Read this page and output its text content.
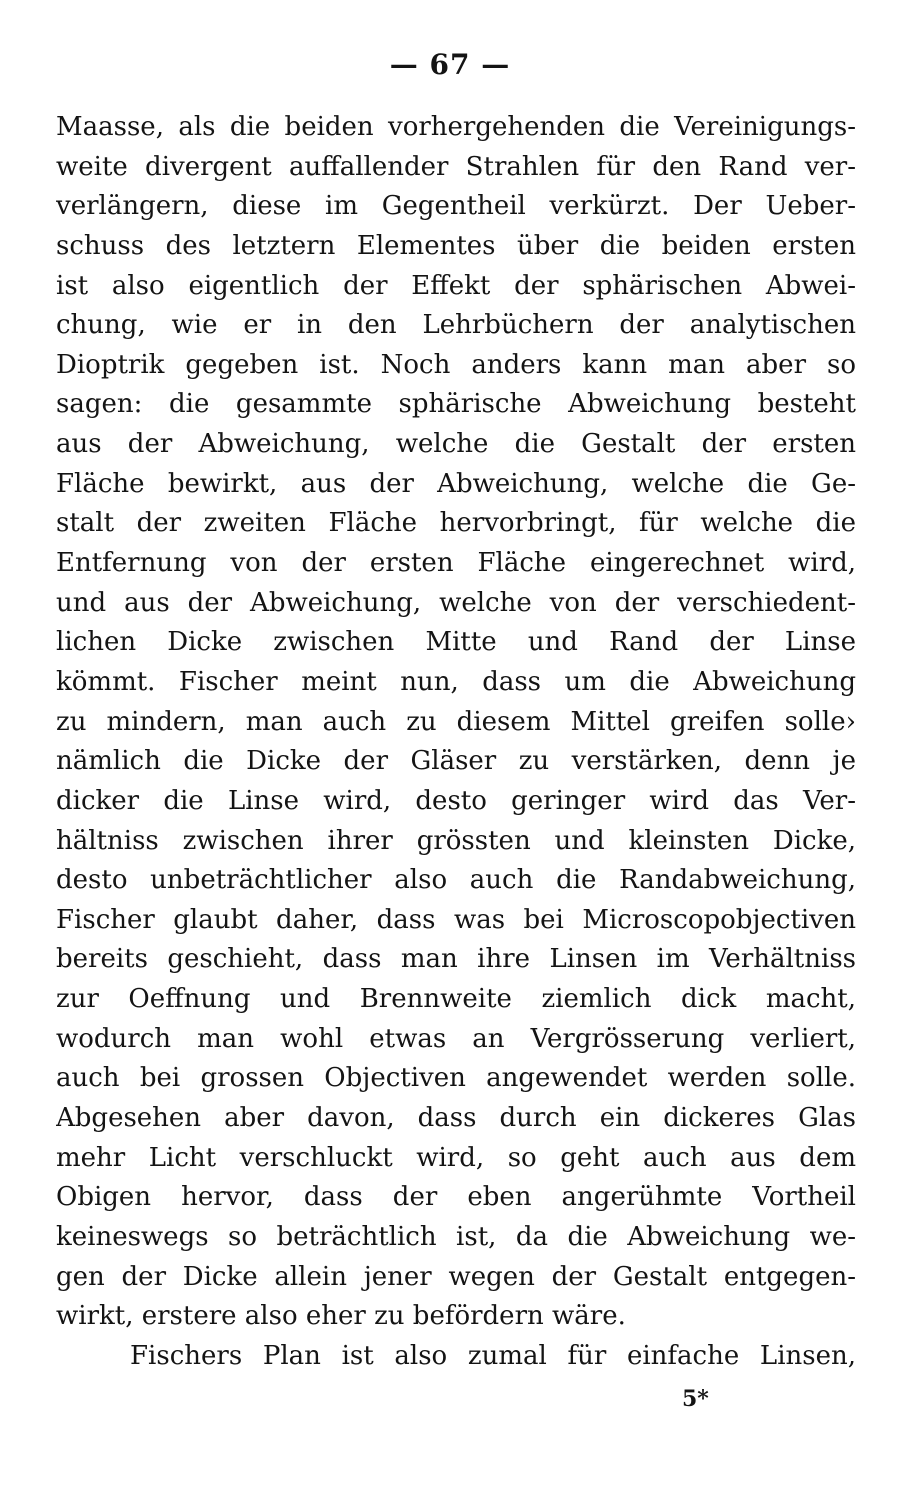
— 67 —
Maasse, als die beiden vorhergehenden die Vereinigungs-
weite divergent auffallender Strahlen für den Rand ver-
verlängern, diese im Gegentheil verkürzt. Der Ueber-
schuss des letztern Elementes über die beiden ersten
ist also eigentlich der Effekt der sphärischen Abwei-
chung, wie er in den Lehrbüchern der analytischen
Dioptrik gegeben ist. Noch anders kann man aber so
sagen: die gesammte sphärische Abweichung besteht
aus der Abweichung, welche die Gestalt der ersten
Fläche bewirkt, aus der Abweichung, welche die Ge-
stalt der zweiten Fläche hervorbringt, für welche die
Entfernung von der ersten Fläche eingerechnet wird,
und aus der Abweichung, welche von der verschiedent-
lichen Dicke zwischen Mitte und Rand der Linse
kömmt. Fischer meint nun, dass um die Abweichung
zu mindern, man auch zu diesem Mittel greifen solle›
nämlich die Dicke der Gläser zu verstärken, denn je
dicker die Linse wird, desto geringer wird das Ver-
hältniss zwischen ihrer grössten und kleinsten Dicke,
desto unbeträchtlicher also auch die Randabweichung,
Fischer glaubt daher, dass was bei Microscopobjectiven
bereits geschieht, dass man ihre Linsen im Verhältniss
zur Oeffnung und Brennweite ziemlich dick macht,
wodurch man wohl etwas an Vergrösserung verliert,
auch bei grossen Objectiven angewendet werden solle.
Abgesehen aber davon, dass durch ein dickeres Glas
mehr Licht verschluckt wird, so geht auch aus dem
Obigen hervor, dass der eben angerühmte Vortheil
keineswegs so beträchtlich ist, da die Abweichung we-
gen der Dicke allein jener wegen der Gestalt entgegen-
wirkt, erstere also eher zu befördern wäre.
Fischers Plan ist also zumal für einfache Linsen,
5*
